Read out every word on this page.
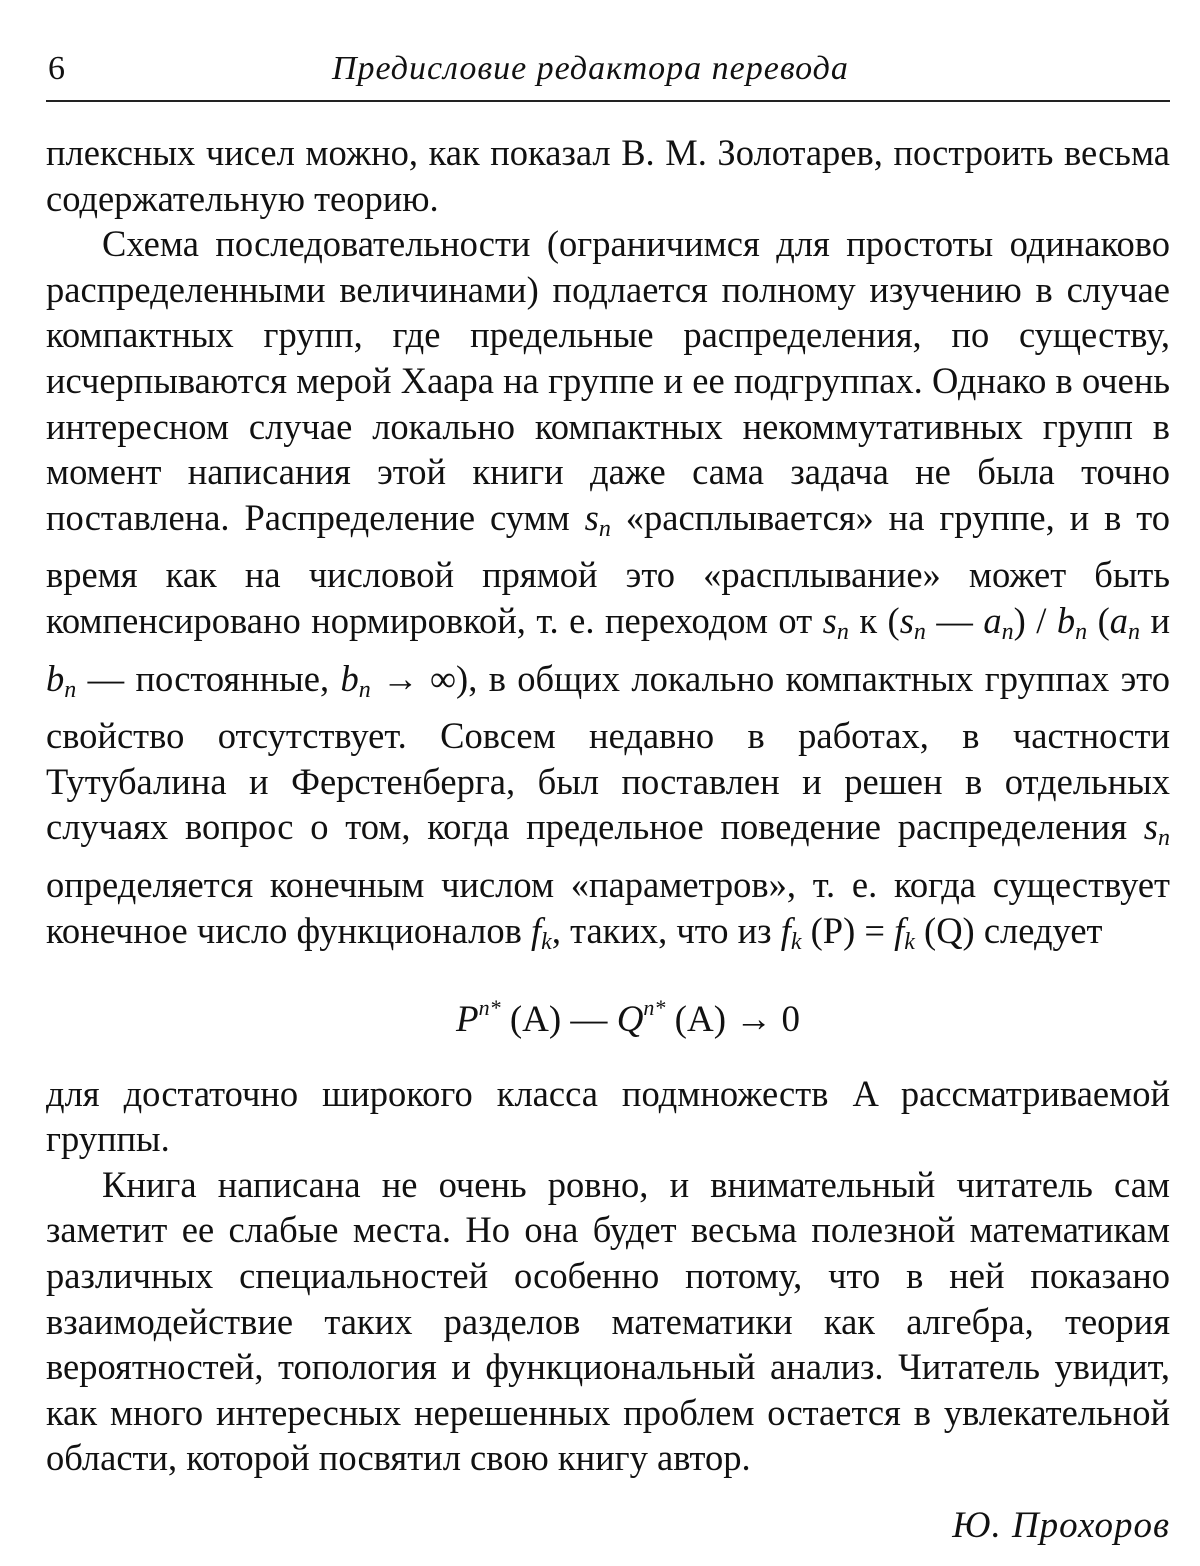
6	Предисловие редактора перевода

плексных чисел можно, как показал В. М. Золотарев, построить весьма содержательную теорию.

Схема последовательности (ограничимся для простоты одинаково распределенными величинами) подлается полному изучению в случае компактных групп, где предельные распределения, по существу, исчерпываются мерой Хаара на группе и ее подгруппах. Однако в очень интересном случае локально компактных некоммутативных групп в момент написания этой книги даже сама задача не была точно поставлена. Распределение сумм $s_n$ «расплывается» на группе, и в то время как на числовой прямой это «расплывание» может быть компенсировано нормировкой, т. е. переходом от $s_n$ к ($s_n$ — $a_n) / b_n$ ($a_n$ и $b_n$ — постоянные, $b_n$ → ∞), в общих локально компактных группах это свойство отсутствует. Совсем недавно в работах, в частности Тутубалина и Ферстенберга, был поставлен и решен в отдельных случаях вопрос о том, когда предельное поведение распределения $s_n$ определяется конечным числом «параметров», т. е. когда существует конечное число функционалов $f_k$, таких, что из $f_k$ $(P) = f_k$ (Q) следует

$P^{n*}$ (A) — $Q^{n*}$ (A) → 0

для достаточно широкого класса подмножеств A рассматриваемой группы.

Книга написана не очень ровно, и внимательный читатель сам заметит ее слабые места. Но она будет весьма полезной математикам различных специальностей особенно потому, что в ней показано взаимодействие таких разделов математики как алгебра, теория вероятностей, топология и функциональный анализ. Читатель увидит, как много интересных нерешенных проблем остается в увлекательной области, которой посвятил свою книгу автор.

Ю. Прохоров
